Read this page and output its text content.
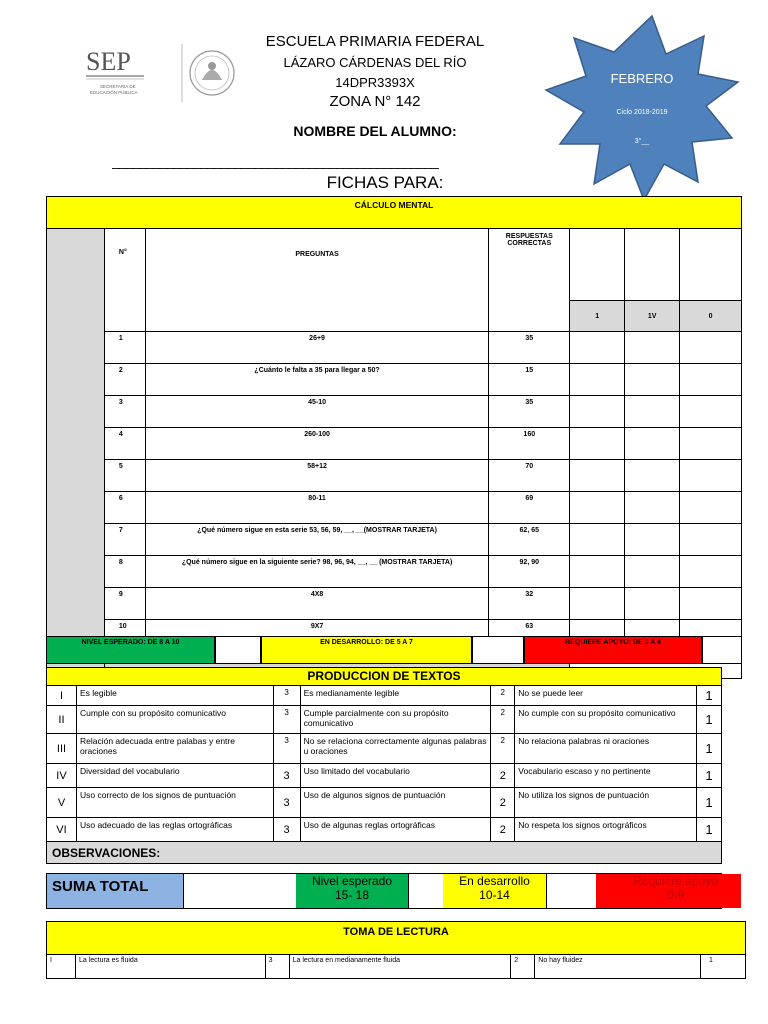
SEP
SECRETARÍA DE
EDUCACIÓN PÚBLICA
ESCUELA PRIMARIA FEDERAL
LÁZARO CÁRDENAS DEL RÍO
14DPR3393X
ZONA N° 142
NOMBRE DEL ALUMNO:
________________________________________________
FICHAS PARA:
FEBRERO
Ciclo 2018-2019
3°__
CÁLCULO MENTAL						
	N°	PREGUNTAS	RESPUESTAS CORRECTAS			
				1	1V	0
	1	26+9	35			
	2	¿Cuánto le falta a 35 para llegar a 50?	15			
	3	45-10	35			
	4	260-100	160			
	5	58+12	70			
	6	80-11	69			
	7	¿Qué número sigue en esta serie 53, 56, 59, __, __(MOSTRAR TARJETA)	62, 65			
	8	¿Qué número sigue en la siguiente serie? 98, 96, 94, __, __ (MOSTRAR TARJETA)	92, 90			
	9	4X8	32			
	10	9X7	63			

NIVEL ESPERADO: DE 8 A 10	EN DESARROLLO: DE 5 A 7	REQUIERE APOYO: DE 0 A 4
PRODUCCION DE TEXTOS						
I	Es legible	3	Es medianamente legible	2	No se puede leer	1
II	Cumple con su propósito comunicativo	3	Cumple parcialmente con su propósito comunicativo	2	No cumple con su propósito comunicativo	1
III	Relación adecuada entre palabas y entre oraciones	3	No se relaciona correctamente algunas palabras u oraciones	2	No relaciona palabras ni oraciones	1
IV	Diversidad del vocabulario	3	Uso limitado del vocabulario	2	Vocabulario escaso y no pertinente	1
V	Uso correcto de los signos de puntuación	3	Uso de algunos signos de puntuación	2	No utiliza los signos de puntuación	1
VI	Uso adecuado de las reglas ortográficas	3	Uso de algunas reglas ortográficas	2	No respeta los signos ortográficos	1
OBSERVACIONES:						
SUMA TOTAL	Nivel esperado
15- 18
En desarrollo
10-14
Requiere apoyo
0-9
TOMA DE LECTURA
I	La lectura es fluida	3	La lectura en medianamente fluida	2	No hay fluidez	1
